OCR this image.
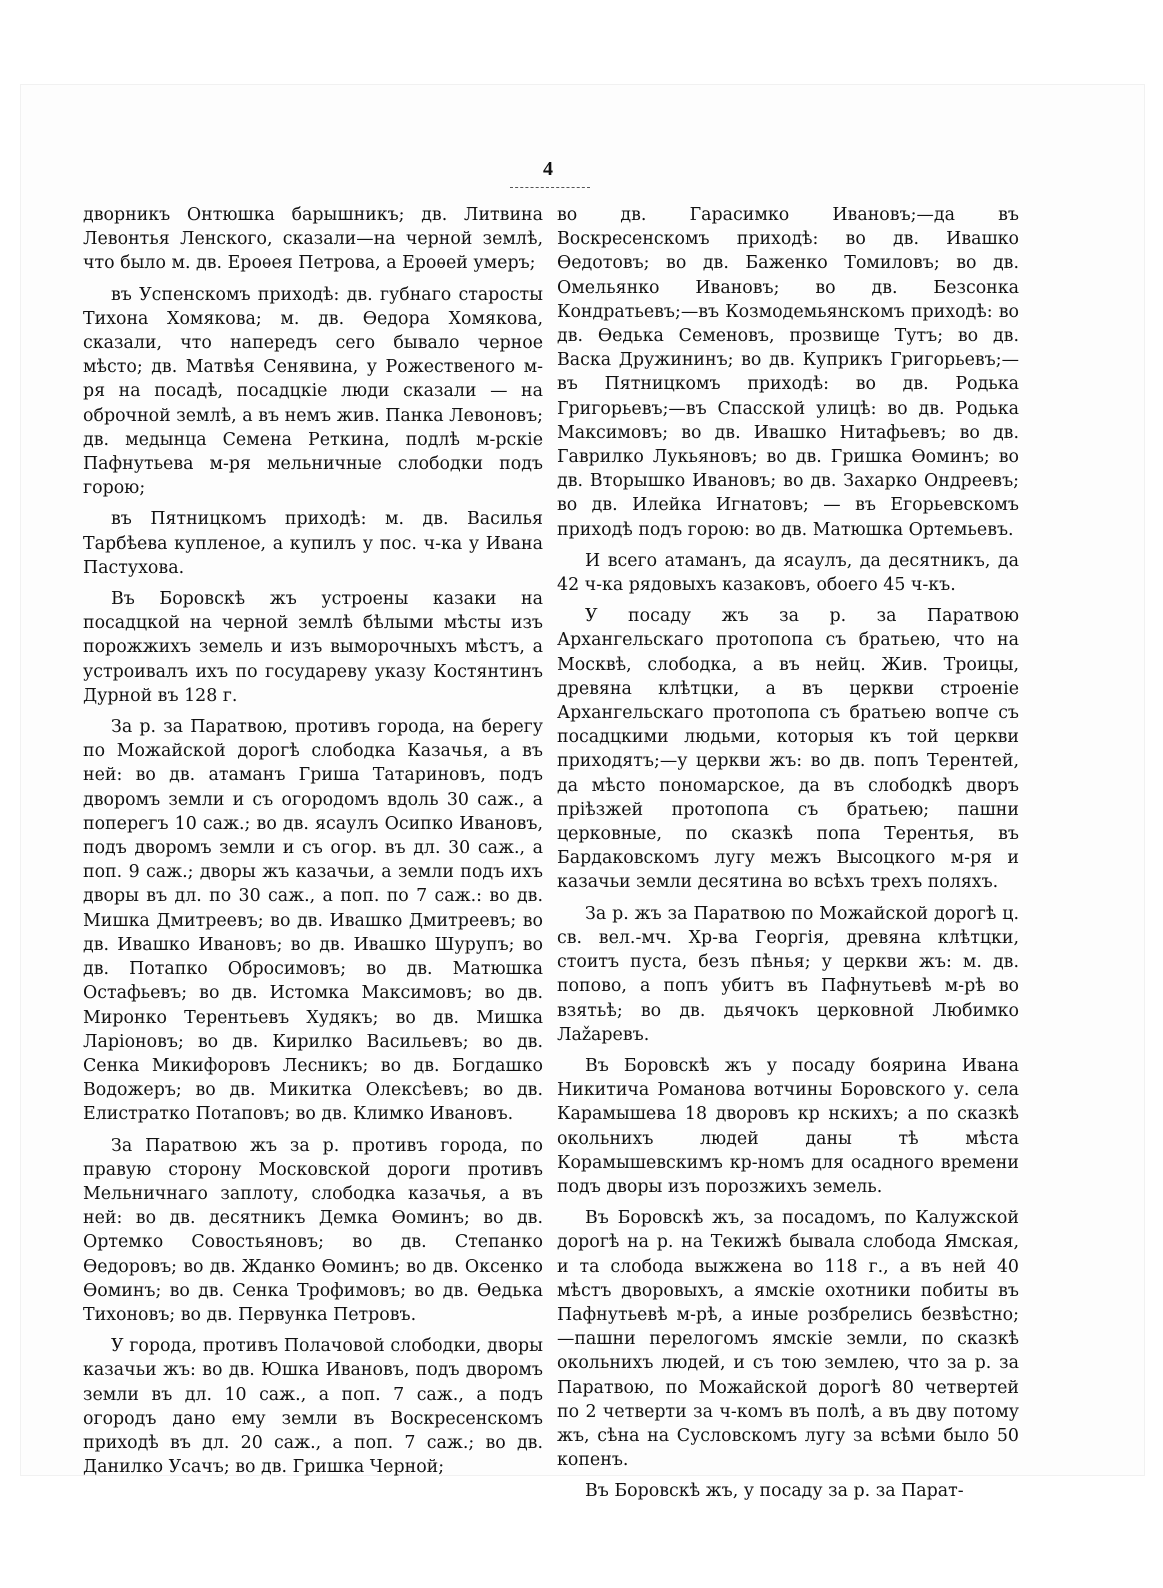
4

дворникъ Онтюшка барышникъ; дв. Литвина Левонтья Ленского, сказали—на черной землѣ, что было м. дв. Ероѳея Петрова, а Ероѳей умеръ;

въ Успенскомъ приходѣ: дв. губнаго старосты Тихона Хомякова; м. дв. Ѳедора Хомякова, сказали, что напередъ сего бывало черное мѣсто; дв. Матвѣя Сенявина, у Рожественого м-ря на посадѣ, посадцкіе люди сказали — на оброчной землѣ, а въ немъ жив. Панка Левоновъ; дв. медынца Семена Реткина, подлѣ м-рскіе Пафнутьева м-ря мельничные слободки подъ горою;

въ Пятницкомъ приходѣ: м. дв. Василья Тарбѣева купленое, а купилъ у пос. ч-ка у Ивана Пастухова.

Въ Боровскѣ жъ устроены казаки на посадцкой на черной землѣ бѣлыми мѣсты изъ порожжихъ земель и изъ выморочныхъ мѣстъ, а устроивалъ ихъ по государеву указу Костянтинъ Дурной въ 128 г.

За р. за Паратвою, противъ города, на берегу по Можайской дорогѣ слободка Казачья, а въ ней: во дв. атаманъ Гриша Татариновъ, подъ дворомъ земли и съ огородомъ вдоль 30 саж., а поперегъ 10 саж.; во дв. ясаулъ Осипко Ивановъ, подъ дворомъ земли и съ огор. въ дл. 30 саж., а поп. 9 саж.; дворы жъ казачьи, а земли подъ ихъ дворы въ дл. по 30 саж., а поп. по 7 саж.: во дв. Мишка Дмитреевъ; во дв. Ивашко Дмитреевъ; во дв. Ивашко Ивановъ; во дв. Ивашко Шурупъ; во дв. Потапко Обросимовъ; во дв. Матюшка Остафьевъ; во дв. Истомка Максимовъ; во дв. Миронко Терентьевъ Худякъ; во дв. Мишка Ларіоновъ; во дв. Кирилко Васильевъ; во дв. Сенка Микифоровъ Лесникъ; во дв. Богдашко Водожеръ; во дв. Микитка Олексѣевъ; во дв. Елистратко Потаповъ; во дв. Климко Ивановъ.

За Паратвою жъ за р. противъ города, по правую сторону Московской дороги противъ Мельничнаго заплоту, слободка казачья, а въ ней: во дв. десятникъ Демка Ѳоминъ; во дв. Ортемко Совостьяновъ; во дв. Степанко Ѳедоровъ; во дв. Жданко Ѳоминъ; во дв. Оксенко Ѳоминъ; во дв. Сенка Трофимовъ; во дв. Ѳедька Тихоновъ; во дв. Первунка Петровъ.

У города, противъ Полачовой слободки, дворы казачьи жъ: во дв. Юшка Ивановъ, подъ дворомъ земли въ дл. 10 саж., а поп. 7 саж., а подъ огородъ дано ему земли въ Воскресенскомъ приходѣ въ дл. 20 саж., а поп. 7 саж.; во дв. Данилко Усачъ; во дв. Гришка Черной;

во дв. Гарасимко Ивановъ;—да въ Воскресенскомъ приходѣ: во дв. Ивашко Ѳедотовъ; во дв. Баженко Томиловъ; во дв. Омельянко Ивановъ; во дв. Безсонка Кондратьевъ;—въ Козмодемьянскомъ приходѣ: во дв. Ѳедька Семеновъ, прозвище Тутъ; во дв. Васка Дружининъ; во дв. Куприкъ Григорьевъ;—въ Пятницкомъ приходѣ: во дв. Родька Григорьевъ;—въ Спасской улицѣ: во дв. Родька Максимовъ; во дв. Ивашко Нитафьевъ; во дв. Гаврилко Лукьяновъ; во дв. Гришка Ѳоминъ; во дв. Вторышко Ивановъ; во дв. Захарко Ондреевъ; во дв. Илейка Игнатовъ; — въ Егорьевскомъ приходѣ подъ горою: во дв. Матюшка Ортемьевъ.

И всего атаманъ, да ясаулъ, да десятникъ, да 42 ч-ка рядовыхъ казаковъ, обоего 45 ч-къ.

У посаду жъ за р. за Паратвою Архангельскаго протопопа съ братьею, что на Москвѣ, слободка, а въ нейц. Жив. Троицы, древяна клѣтцки, а въ церкви строеніе Архангельскаго протопопа съ братьею вопче съ посадцкими людьми, которыя къ той церкви приходятъ;—у церкви жъ: во дв. попъ Терентей, да мѣсто пономарское, да въ слободкѣ дворъ пріѣзжей протопопа съ братьею; пашни церковные, по сказкѣ попа Терентья, въ Бардаковскомъ лугу межъ Высоцкого м-ря и казачьи земли десятина во всѣхъ трехъ поляхъ.

За р. жъ за Паратвою по Можайской дорогѣ ц. св. вел.-мч. Хр-ва Георгія, древяна клѣтцки, стоитъ пуста, безъ пѣнья; у церкви жъ: м. дв. попово, а попъ убитъ въ Пафнутьевѣ м-рѣ во взятьѣ; во дв. дьячокъ церковной Любимко Лаžаревъ.

Въ Боровскѣ жъ у посаду боярина Ивана Никитича Романова вотчины Боровского у. села Карамышева 18 дворовъ кр нскихъ; а по сказкѣ окольнихъ людей даны тѣ мѣста Корамышевскимъ кр-номъ для осадного времени подъ дворы изъ порозжихъ земель.

Въ Боровскѣ жъ, за посадомъ, по Калужской дорогѣ на р. на Текижѣ бывала слобода Ямская, и та слобода выжжена во 118 г., а въ ней 40 мѣстъ дворовыхъ, а ямскіе охотники побиты въ Пафнутьевѣ м-рѣ, а иные розбрелись безвѣстно;—пашни перелогомъ ямскіе земли, по сказкѣ окольнихъ людей, и съ тою землею, что за р. за Паратвою, по Можайской дорогѣ 80 четвертей по 2 четверти за ч-комъ въ полѣ, а въ дву потому жъ, сѣна на Сусловскомъ лугу за всѣми было 50 копенъ.

Въ Боровскѣ жъ, у посаду за р. за Парат-
